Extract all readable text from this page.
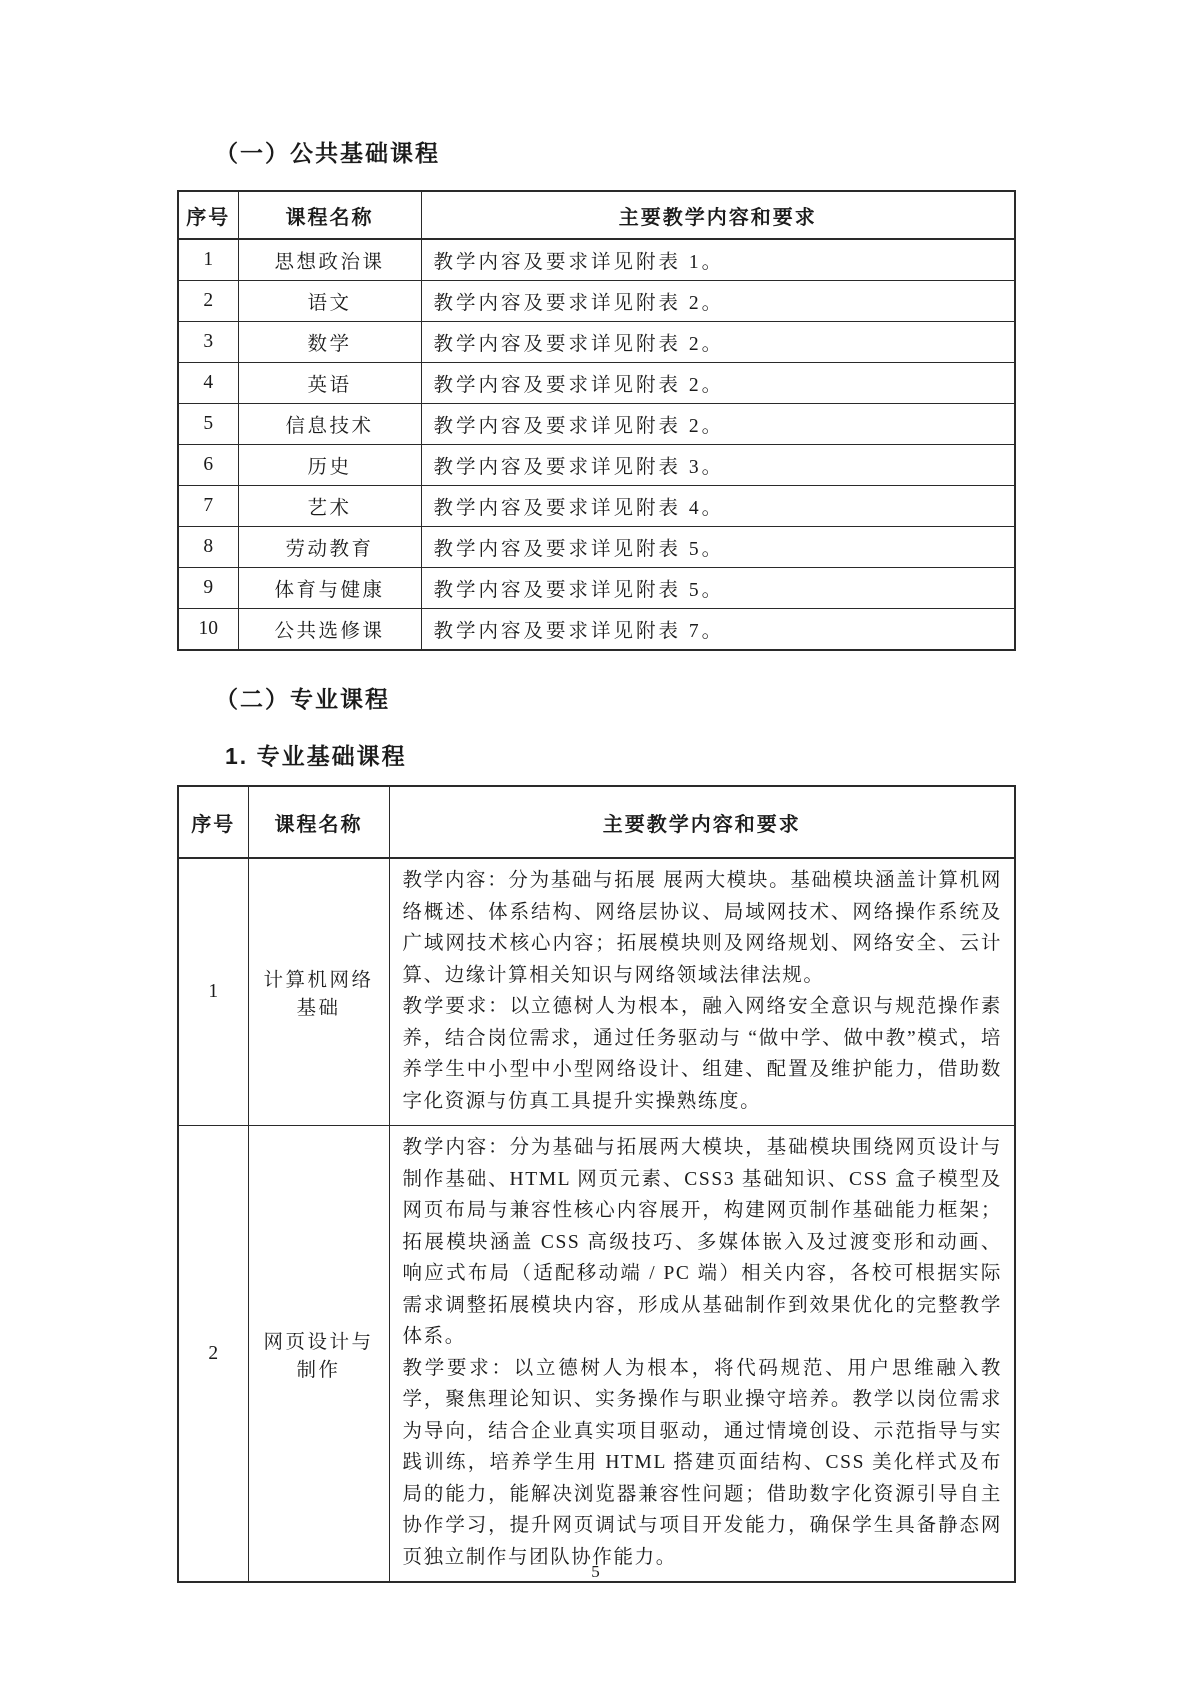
（一）公共基础课程
序号	课程名称	主要教学内容和要求
1	思想政治课	教学内容及要求详见附表 1。
2	语文	教学内容及要求详见附表 2。
3	数学	教学内容及要求详见附表 2。
4	英语	教学内容及要求详见附表 2。
5	信息技术	教学内容及要求详见附表 2。
6	历史	教学内容及要求详见附表 3。
7	艺术	教学内容及要求详见附表 4。
8	劳动教育	教学内容及要求详见附表 5。
9	体育与健康	教学内容及要求详见附表 5。
10	公共选修课	教学内容及要求详见附表 7。
（二）专业课程
1. 专业基础课程
序号	课程名称	主要教学内容和要求
1	计算机网络基础	教学内容：分为基础与拓展 展两大模块。基础模块涵盖计算机网络概述、体系结构、网络层协议、局域网技术、网络操作系统及广域网技术核心内容；拓展模块则及网络规划、网络安全、云计算、边缘计算相关知识与网络领域法律法规。

教学要求：以立德树人为根本，融入网络安全意识与规范操作素养，结合岗位需求，通过任务驱动与 “做中学、做中教”模式，培养学生中小型中小型网络设计、组建、配置及维护能力，借助数字化资源与仿真工具提升实操熟练度。

2	网页设计与制作	教学内容：分为基础与拓展两大模块，基础模块围绕网页设计与制作基础、HTML 网页元素、CSS3 基础知识、CSS 盒子模型及网页布局与兼容性核心内容展开，构建网页制作基础能力框架；拓展模块涵盖 CSS 高级技巧、多媒体嵌入及过渡变形和动画、响应式布局（适配移动端 / PC 端）相关内容，各校可根据实际需求调整拓展模块内容，形成从基础制作到效果优化的完整教学体系。

教学要求：以立德树人为根本，将代码规范、用户思维融入教学，聚焦理论知识、实务操作与职业操守培养。教学以岗位需求为导向，结合企业真实项目驱动，通过情境创设、示范指导与实践训练，培养学生用 HTML 搭建页面结构、CSS 美化样式及布局的能力，能解决浏览器兼容性问题；借助数字化资源引导自主协作学习，提升网页调试与项目开发能力，确保学生具备静态网页独立制作与团队协作能力。

5
